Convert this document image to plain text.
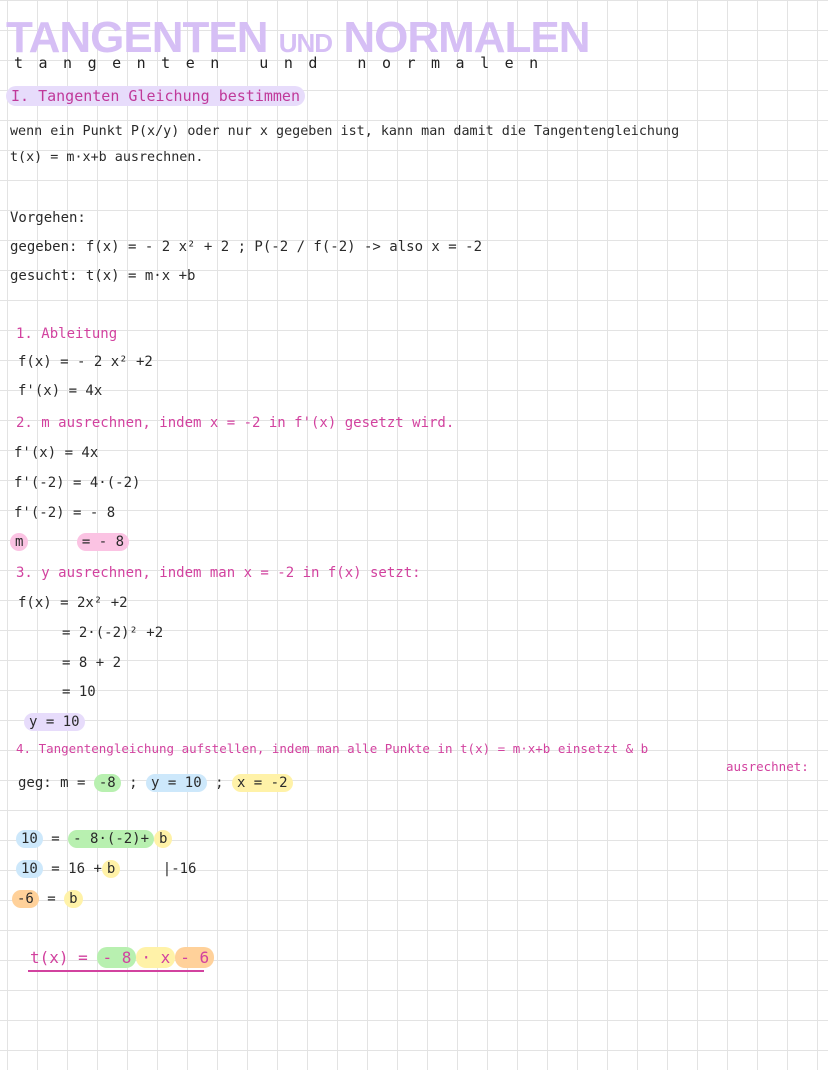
TANGENTEN UND NORMALEN
tangenten und normalen
I. Tangenten Gleichung bestimmen
wenn ein Punkt P(x/y) oder nur x gegeben ist, kann man damit die Tangentengleichung
t(x) = m·x+b ausrechnen.
Vorgehen:
gegeben: f(x) = - 2 x² + 2 ; P(-2 / f(-2) -> also x = -2
gesucht: t(x) = m·x +b
1. Ableitung
f(x) = - 2 x² +2
f'(x) = 4x
2. m ausrechnen, indem x = -2 in f'(x) gesetzt wird.
f'(x) = 4x
f'(-2) = 4·(-2)
f'(-2) = - 8
m	= - 8
3. y ausrechnen, indem man x = -2 in f(x) setzt:
f(x) = 2x² +2
= 2·(-2)² +2
= 8 + 2
= 10
y = 10
4. Tangentengleichung aufstellen, indem man alle Punkte in t(x) = m·x+b einsetzt & b
ausrechnet:
geg: m = -8 ; y = 10 ; x = -2
10 = - 8·(-2)+ b
10 = 16 + b	|-16
-6 = b
t(x) = - 8 · x - 6
